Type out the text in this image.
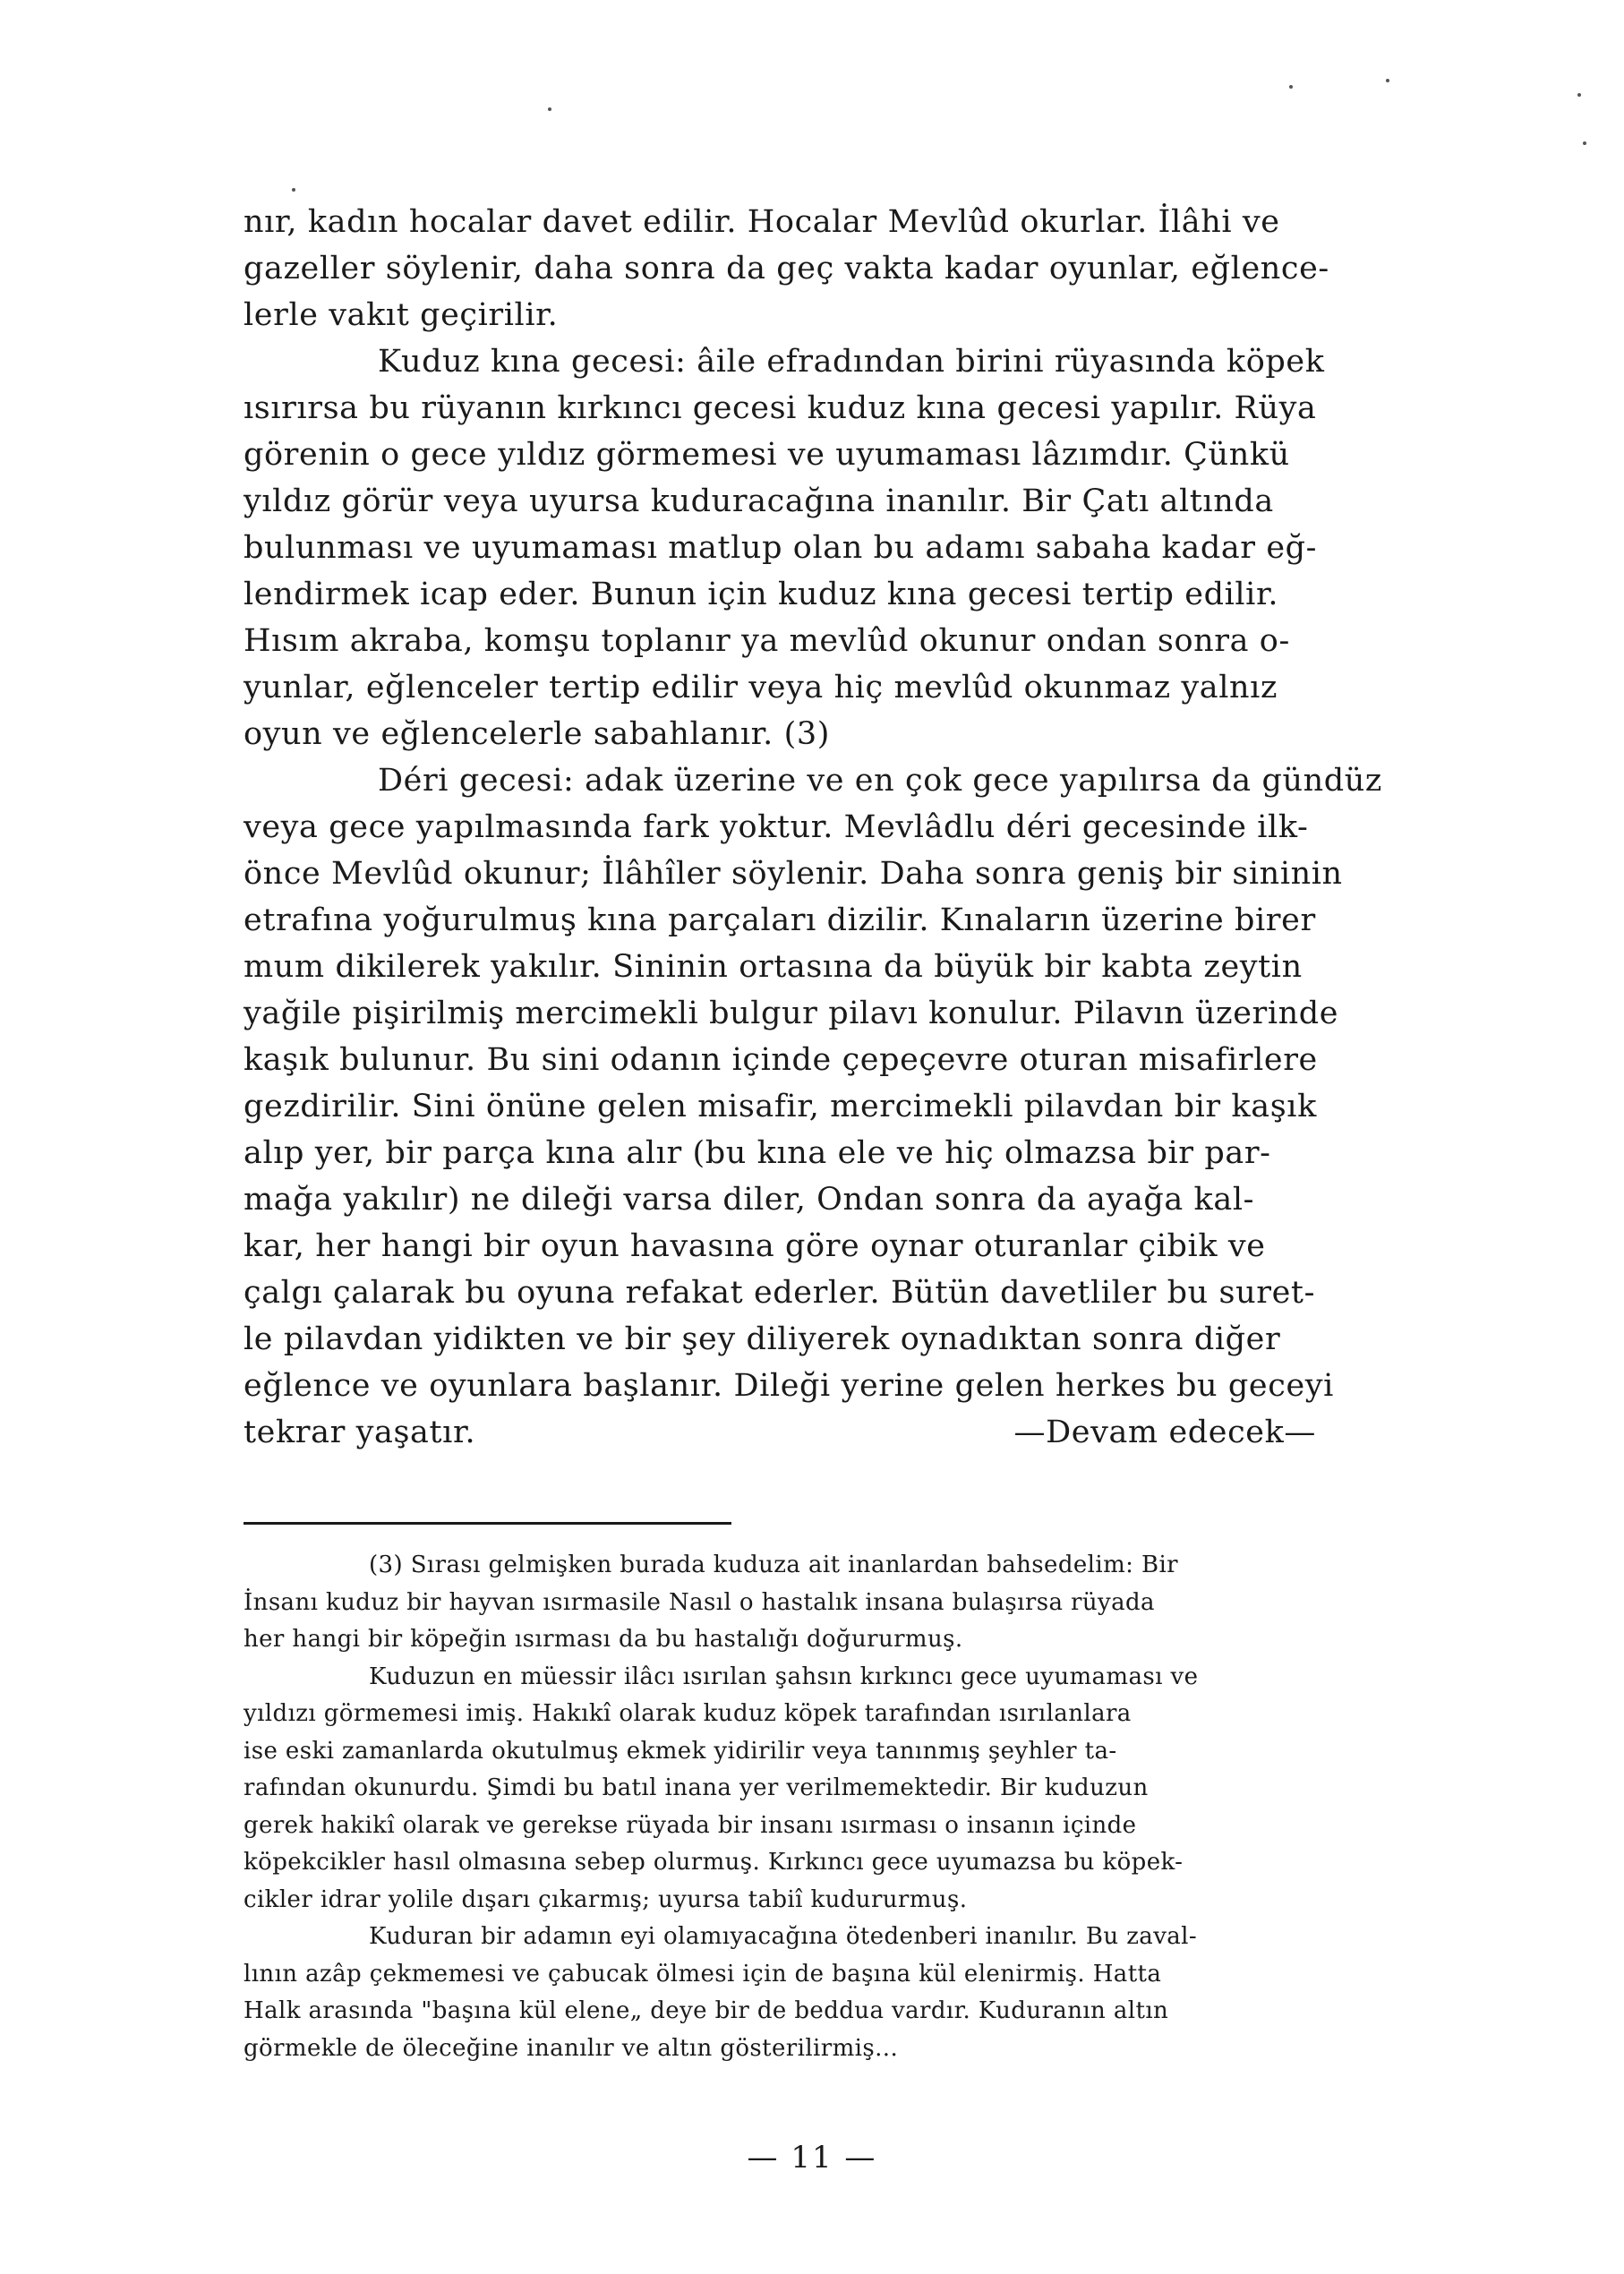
nır, kadın hocalar davet edilir. Hocalar Mevlûd okurlar. İlâhi ve
gazeller söylenir, daha sonra da geç vakta kadar oyunlar, eğlence-
lerle vakıt geçirilir.
Kuduz kına gecesi: âile efradından birini rüyasında köpek
ısırırsa bu rüyanın kırkıncı gecesi kuduz kına gecesi yapılır. Rüya
görenin o gece yıldız görmemesi ve uyumaması lâzımdır. Çünkü
yıldız görür veya uyursa kuduracağına inanılır. Bir Çatı altında
bulunması ve uyumaması matlup olan bu adamı sabaha kadar eğ-
lendirmek icap eder. Bunun için kuduz kına gecesi tertip edilir.
Hısım akraba, komşu toplanır ya mevlûd okunur ondan sonra o-
yunlar, eğlenceler tertip edilir veya hiç mevlûd okunmaz yalnız
oyun ve eğlencelerle sabahlanır. (3)
Déri gecesi: adak üzerine ve en çok gece yapılırsa da gündüz
veya gece yapılmasında fark yoktur. Mevlâdlu déri gecesinde ilk-
önce Mevlûd okunur; İlâhîler söylenir. Daha sonra geniş bir sininin
etrafına yoğurulmuş kına parçaları dizilir. Kınaların üzerine birer
mum dikilerek yakılır. Sininin ortasına da büyük bir kabta zeytin
yağile pişirilmiş mercimekli bulgur pilavı konulur. Pilavın üzerinde
kaşık bulunur. Bu sini odanın içinde çepeçevre oturan misafirlere
gezdirilir. Sini önüne gelen misafir, mercimekli pilavdan bir kaşık
alıp yer, bir parça kına alır (bu kına ele ve hiç olmazsa bir par-
mağa yakılır) ne dileği varsa diler, Ondan sonra da ayağa kal-
kar, her hangi bir oyun havasına göre oynar oturanlar çibik ve
çalgı çalarak bu oyuna refakat ederler. Bütün davetliler bu suret-
le pilavdan yidikten ve bir şey diliyerek oynadıktan sonra diğer
eğlence ve oyunlara başlanır. Dileği yerine gelen herkes bu geceyi
tekrar yaşatır.	—Devam edecek—
(3) Sırası gelmişken burada kuduza ait inanlardan bahsedelim: Bir
İnsanı kuduz bir hayvan ısırmasile Nasıl o hastalık insana bulaşırsa rüyada
her hangi bir köpeğin ısırması da bu hastalığı doğururmuş.
Kuduzun en müessir ilâcı ısırılan şahsın kırkıncı gece uyumaması ve
yıldızı görmemesi imiş. Hakıkî olarak kuduz köpek tarafından ısırılanlara
ise eski zamanlarda okutulmuş ekmek yidirilir veya tanınmış şeyhler ta-
rafından okunurdu. Şimdi bu batıl inana yer verilmemektedir. Bir kuduzun
gerek hakikî olarak ve gerekse rüyada bir insanı ısırması o insanın içinde
köpekcikler hasıl olmasına sebep olurmuş. Kırkıncı gece uyumazsa bu köpek-
cikler idrar yolile dışarı çıkarmış; uyursa tabiî kudururmuş.
Kuduran bir adamın eyi olamıyacağına ötedenberi inanılır. Bu zaval-
lının azâp çekmemesi ve çabucak ölmesi için de başına kül elenirmiş. Hatta
Halk arasında "başına kül elene„ deye bir de beddua vardır. Kuduranın altın
görmekle de öleceğine inanılır ve altın gösterilirmiş...
— 11 —
